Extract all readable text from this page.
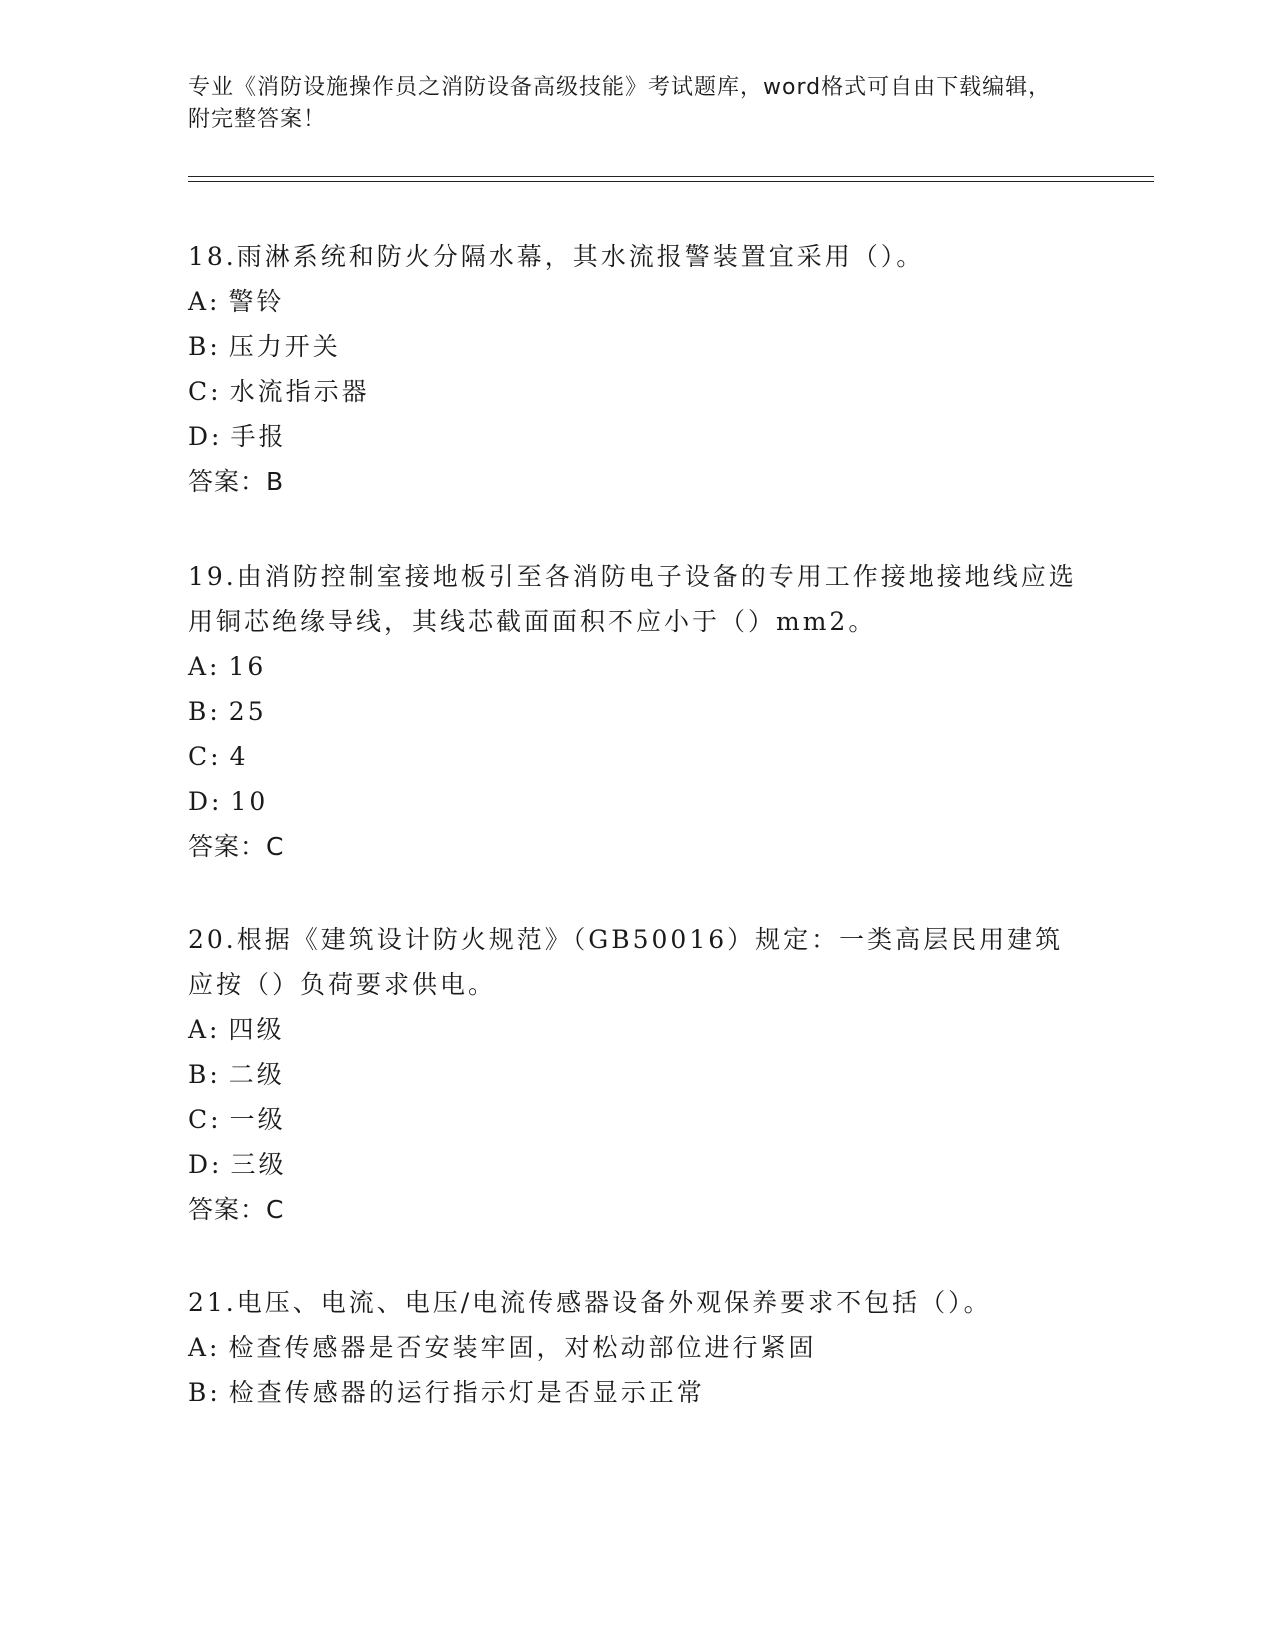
专业《消防设施操作员之消防设备高级技能》考试题库，word格式可自由下载编辑，附完整答案！

18.雨淋系统和防火分隔水幕，其水流报警装置宜采用（）。

A: 警铃

B: 压力开关

C: 水流指示器

D: 手报

答案：B

19.由消防控制室接地板引至各消防电子设备的专用工作接地接地线应选用铜芯绝缘导线，其线芯截面面积不应小于（）mm2。

A: 16

B: 25

C: 4

D: 10

答案：C

20.根据《建筑设计防火规范》（GB50016）规定：一类高层民用建筑应按（）负荷要求供电。

A: 四级

B: 二级

C: 一级

D: 三级

答案：C

21.电压、电流、电压/电流传感器设备外观保养要求不包括（）。

A: 检查传感器是否安装牢固，对松动部位进行紧固

B: 检查传感器的运行指示灯是否显示正常
